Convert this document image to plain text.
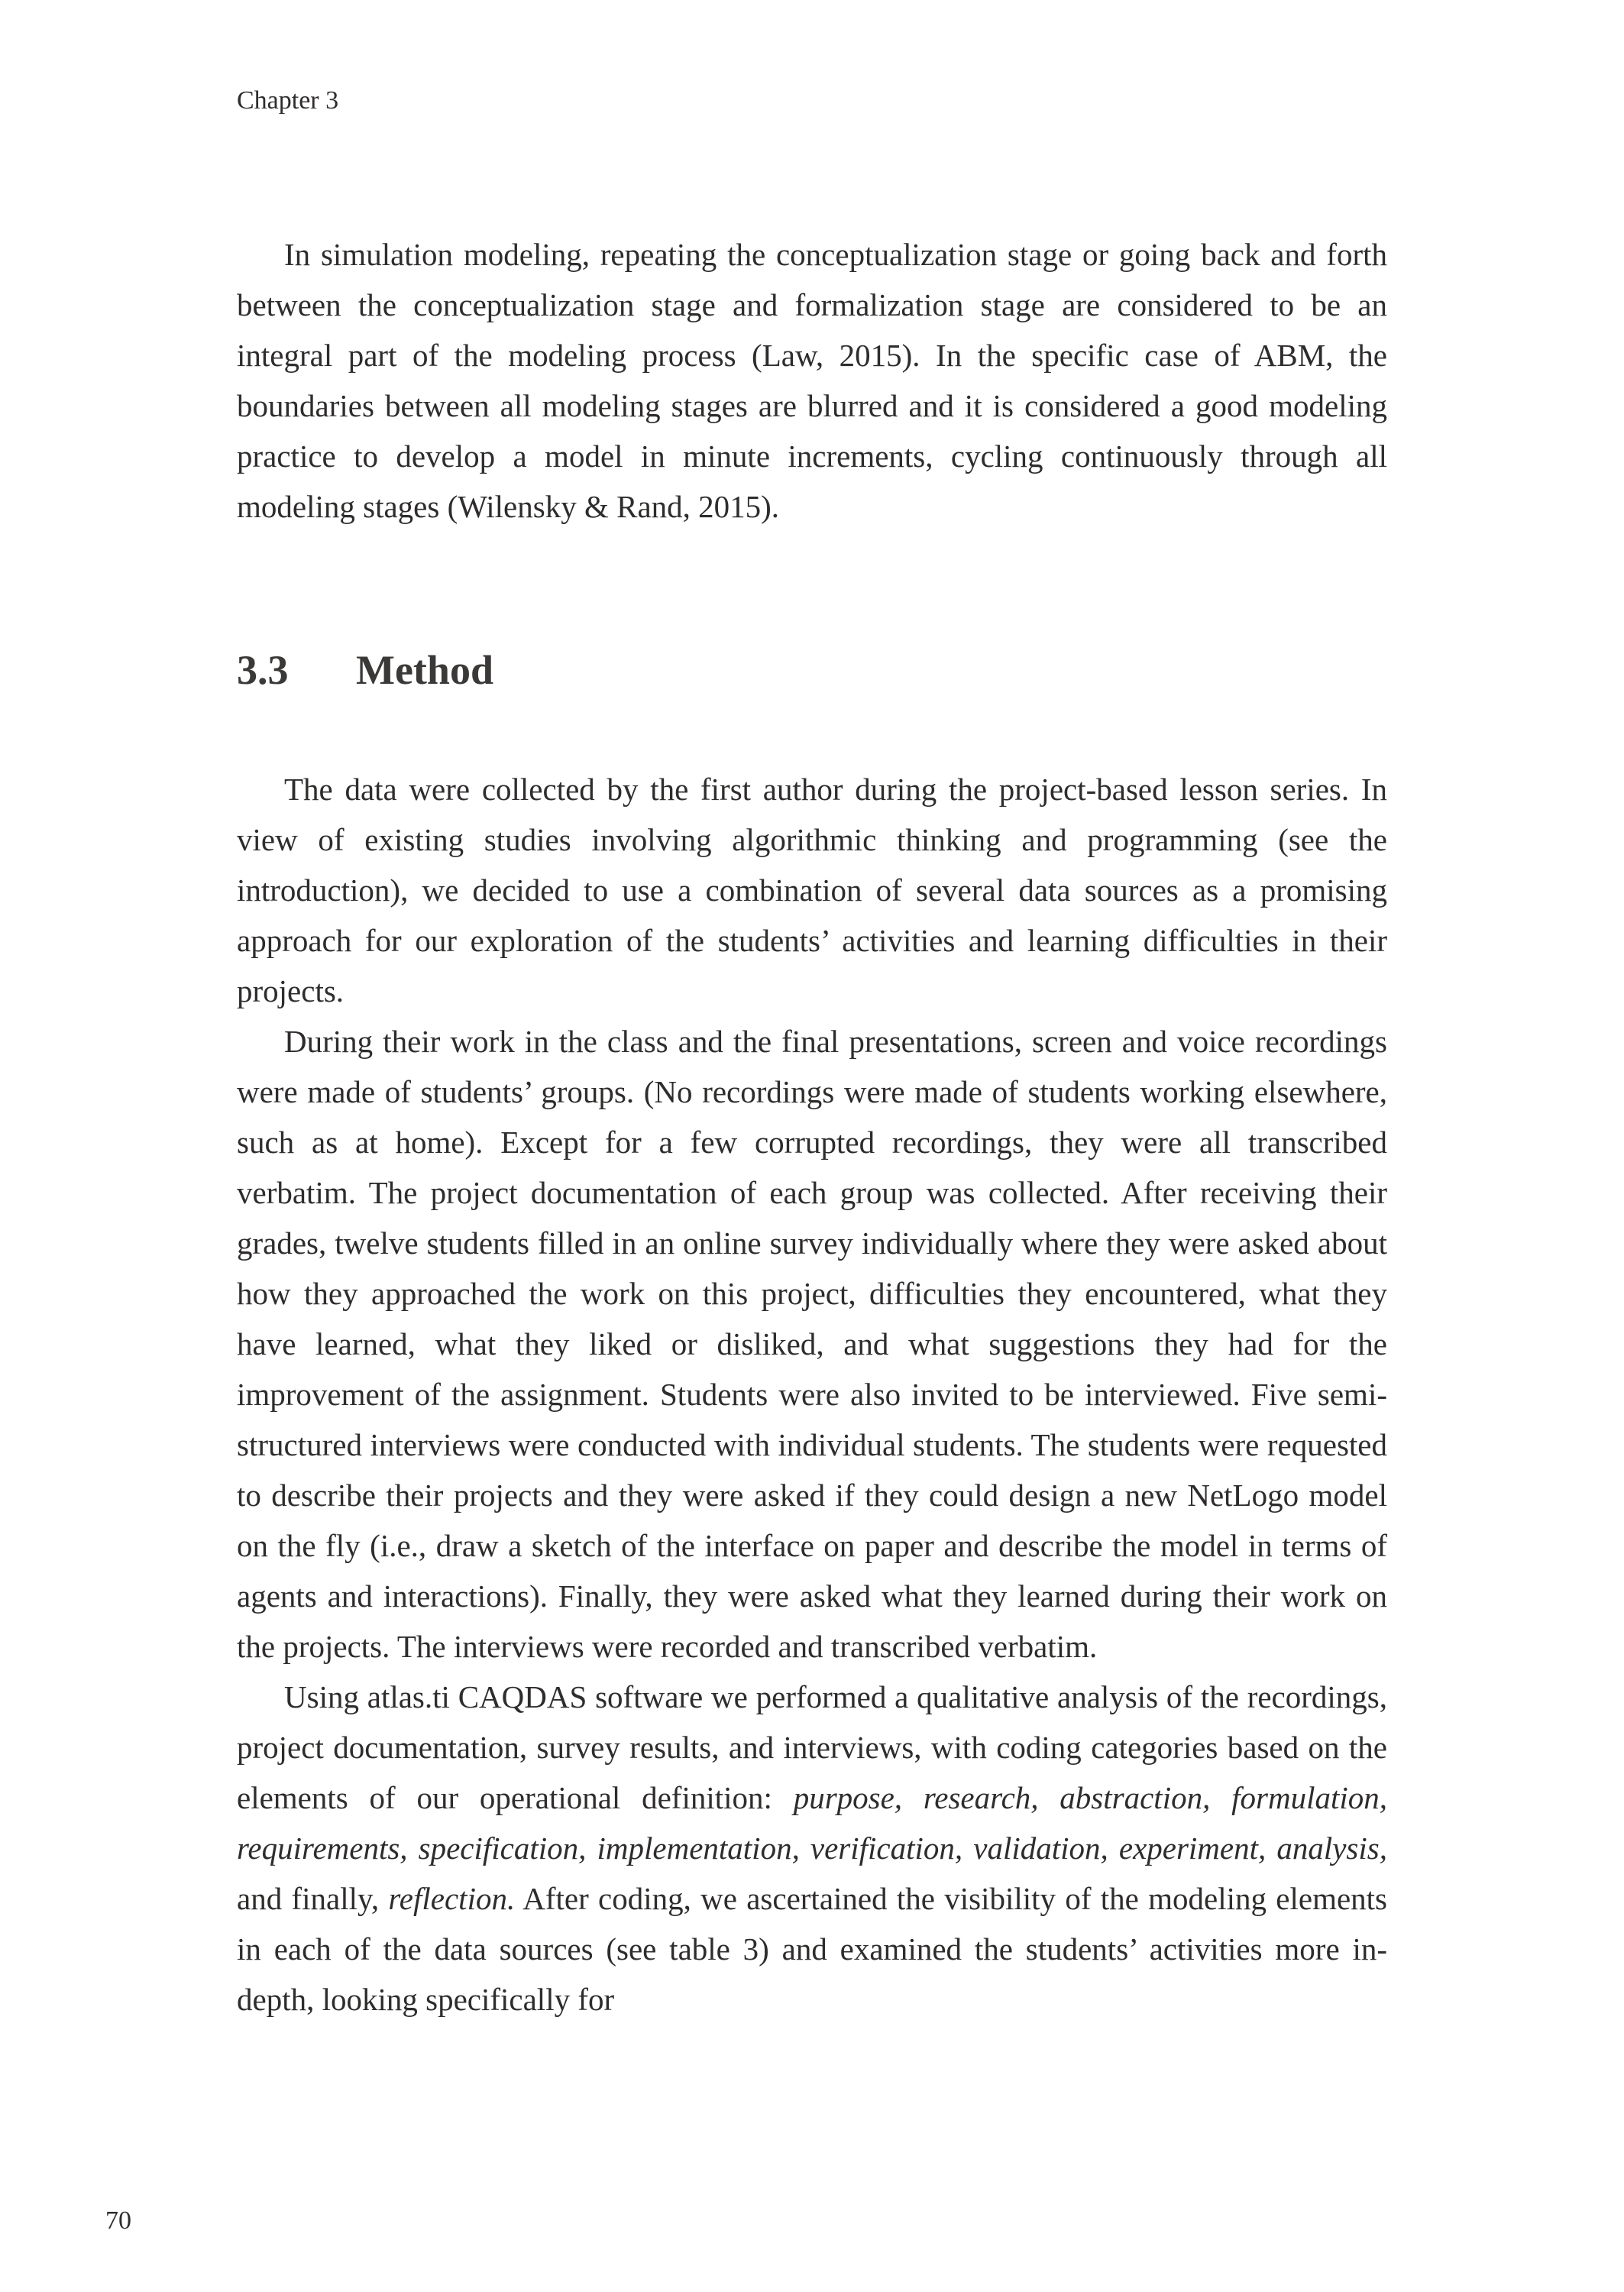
Chapter 3

In simulation modeling, repeating the conceptualization stage or going back and forth between the conceptualization stage and formalization stage are considered to be an integral part of the modeling process (Law, 2015). In the specific case of ABM, the boundaries between all modeling stages are blurred and it is considered a good modeling practice to develop a model in minute increments, cycling continuously through all modeling stages (Wilensky & Rand, 2015).

3.3	Method

The data were collected by the first author during the project-based lesson series. In view of existing studies involving algorithmic thinking and programming (see the introduction), we decided to use a combination of several data sources as a promising approach for our exploration of the students’ activities and learning difficulties in their projects.

During their work in the class and the final presentations, screen and voice recordings were made of students’ groups. (No recordings were made of students working elsewhere, such as at home). Except for a few corrupted recordings, they were all transcribed verbatim. The project documentation of each group was collected. After receiving their grades, twelve students filled in an online survey individually where they were asked about how they approached the work on this project, difficulties they encountered, what they have learned, what they liked or disliked, and what suggestions they had for the improvement of the assignment. Students were also invited to be interviewed. Five semi-structured interviews were conducted with individual students. The students were requested to describe their projects and they were asked if they could design a new NetLogo model on the fly (i.e., draw a sketch of the interface on paper and describe the model in terms of agents and interactions). Finally, they were asked what they learned during their work on the projects. The interviews were recorded and transcribed verbatim.

Using atlas.ti CAQDAS software we performed a qualitative analysis of the recordings, project documentation, survey results, and interviews, with coding categories based on the elements of our operational definition: purpose, research, abstraction, formulation, requirements, specification, implementation, verification, validation, experiment, analysis, and finally, reflection. After coding, we ascertained the visibility of the modeling elements in each of the data sources (see table 3) and examined the students’ activities more in-depth, looking specifically for

70
